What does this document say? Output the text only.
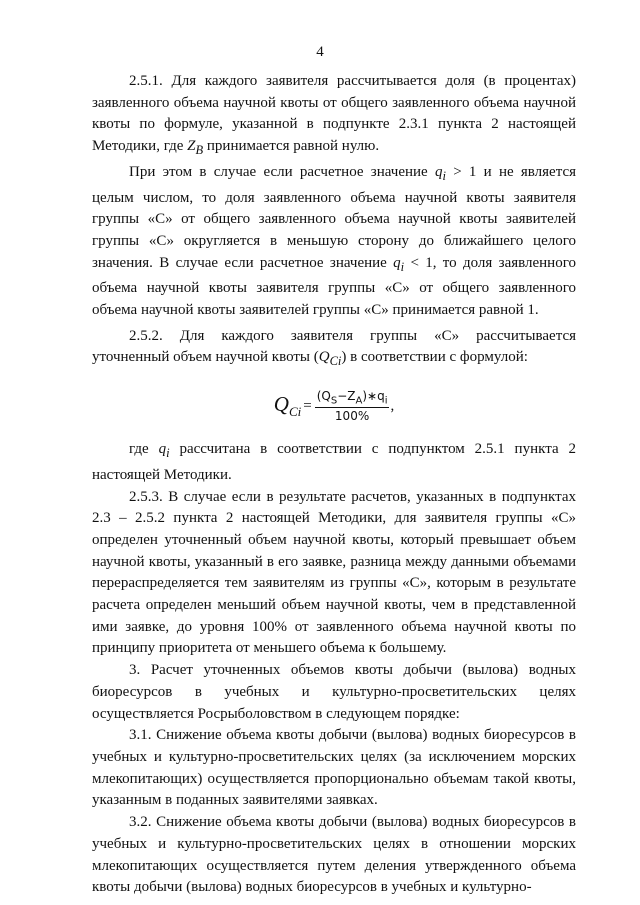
4

2.5.1. Для каждого заявителя рассчитывается доля (в процентах) заявленного объема научной квоты от общего заявленного объема научной квоты по формуле, указанной в подпункте 2.3.1 пункта 2 настоящей Методики, где $Z_B$ принимается равной нулю.

При этом в случае если расчетное значение $q_i > 1$ и не является целым числом, то доля заявленного объема научной квоты заявителя группы «С» от общего заявленного объема научной квоты заявителей группы «С» округляется в меньшую сторону до ближайшего целого значения. В случае если расчетное значение $q_i < 1$, то доля заявленного объема научной квоты заявителя группы «С» от общего заявленного объема научной квоты заявителей группы «С» принимается равной 1.

2.5.2. Для каждого заявителя группы «С» рассчитывается уточненный объем научной квоты $(Q_{Ci})$ в соответствии с формулой:

$Q_{Ci} = \frac{(Q_S-Z_A)∗q_i}{100\%}$ ,

где $q_i$ рассчитана в соответствии с подпунктом 2.5.1 пункта 2 настоящей Методики.

2.5.3. В случае если в результате расчетов, указанных в подпунктах 2.3 – 2.5.2 пункта 2 настоящей Методики, для заявителя группы «С» определен уточненный объем научной квоты, который превышает объем научной квоты, указанный в его заявке, разница между данными объемами перераспределяется тем заявителям из группы «С», которым в результате расчета определен меньший объем научной квоты, чем в представленной ими заявке, до уровня 100% от заявленного объема научной квоты по принципу приоритета от меньшего объема к большему.

3. Расчет уточненных объемов квоты добычи (вылова) водных биоресурсов в учебных и культурно-просветительских целях осуществляется Росрыболовством в следующем порядке:

3.1. Снижение объема квоты добычи (вылова) водных биоресурсов в учебных и культурно-просветительских целях (за исключением морских млекопитающих) осуществляется пропорционально объемам такой квоты, указанным в поданных заявителями заявках.

3.2. Снижение объема квоты добычи (вылова) водных биоресурсов в учебных и культурно-просветительских целях в отношении морских млекопитающих осуществляется путем деления утвержденного объема квоты добычи (вылова) водных биоресурсов в учебных и культурно-
